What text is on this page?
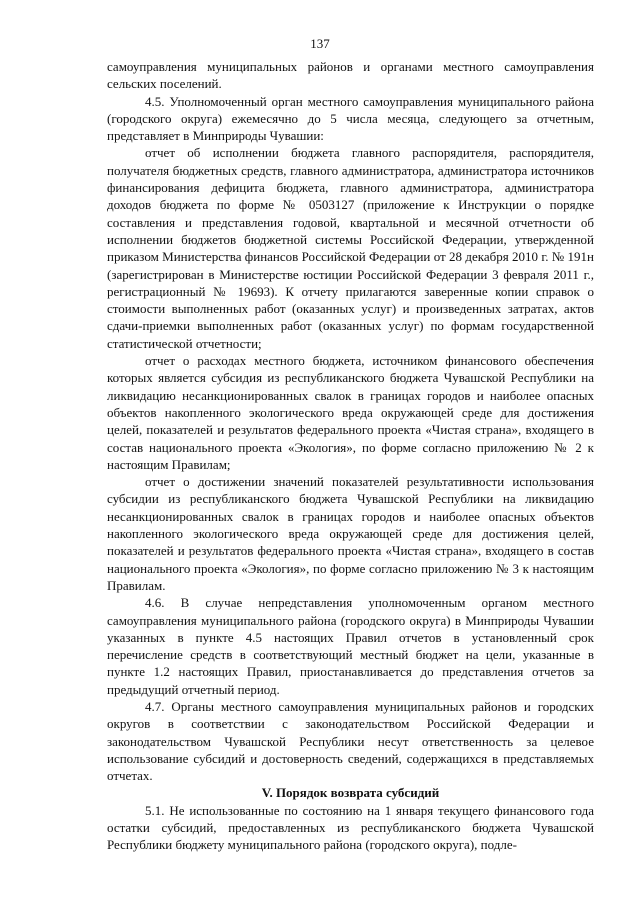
137

самоуправления муниципальных районов и органами местного самоуправления сельских поселений.

4.5. Уполномоченный орган местного самоуправления муниципального района (городского округа) ежемесячно до 5 числа месяца, следующего за отчетным, представляет в Минприроды Чувашии:

отчет об исполнении бюджета главного распорядителя, распорядителя, получателя бюджетных средств, главного администратора, администратора источников финансирования дефицита бюджета, главного администратора, администратора доходов бюджета по форме № 0503127 (приложение к Инструкции о порядке составления и представления годовой, квартальной и месячной отчетности об исполнении бюджетов бюджетной системы Российской Федерации, утвержденной приказом Министерства финансов Российской Федерации от 28 декабря 2010 г. № 191н (зарегистрирован в Министерстве юстиции Российской Федерации 3 февраля 2011 г., регистрационный № 19693). К отчету прилагаются заверенные копии справок о стоимости выполненных работ (оказанных услуг) и произведенных затратах, актов сдачи-приемки выполненных работ (оказанных услуг) по формам государственной статистической отчетности;

отчет о расходах местного бюджета, источником финансового обеспечения которых является субсидия из республиканского бюджета Чувашской Республики на ликвидацию несанкционированных свалок в границах городов и наиболее опасных объектов накопленного экологического вреда окружающей среде для достижения целей, показателей и результатов федерального проекта «Чистая страна», входящего в состав национального проекта «Экология», по форме согласно приложению № 2 к настоящим Правилам;

отчет о достижении значений показателей результативности использования субсидии из республиканского бюджета Чувашской Республики на ликвидацию несанкционированных свалок в границах городов и наиболее опасных объектов накопленного экологического вреда окружающей среде для достижения целей, показателей и результатов федерального проекта «Чистая страна», входящего в состав национального проекта «Экология», по форме согласно приложению № 3 к настоящим Правилам.

4.6. В случае непредставления уполномоченным органом местного самоуправления муниципального района (городского округа) в Минприроды Чувашии указанных в пункте 4.5 настоящих Правил отчетов в установленный срок перечисление средств в соответствующий местный бюджет на цели, указанные в пункте 1.2 настоящих Правил, приостанавливается до представления отчетов за предыдущий отчетный период.

4.7. Органы местного самоуправления муниципальных районов и городских округов в соответствии с законодательством Российской Федерации и законодательством Чувашской Республики несут ответственность за целевое использование субсидий и достоверность сведений, содержащихся в представляемых отчетах.

V. Порядок возврата субсидий

5.1. Не использованные по состоянию на 1 января текущего финансового года остатки субсидий, предоставленных из республиканского бюджета Чувашской Республики бюджету муниципального района (городского округа), подле-
